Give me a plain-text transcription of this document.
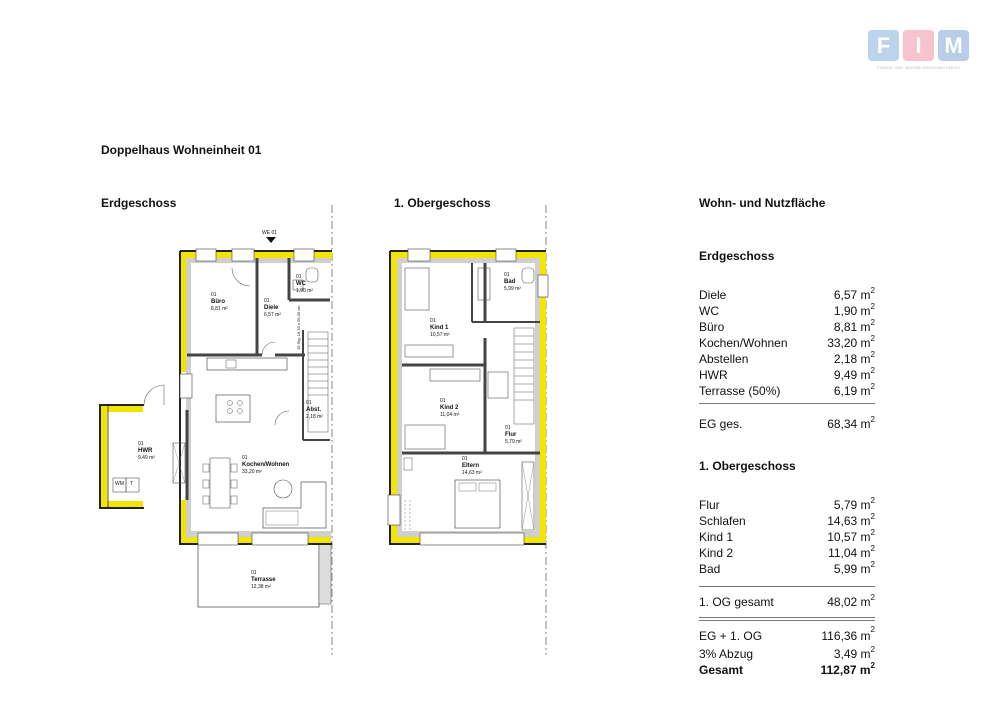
F	I	M
FINANZ UND IMMOBILIENMANAGEMENT
Doppelhaus Wohneinheit 01
Erdgeschoss	1. Obergeschoss
WE 01
01
Büro
8,81 m²
01
Diele
6,57 m²
01
WC
1,90 m²
01
Abst.
2,18 m²
01
HWR
9,49 m²	01
Kochen/Wohnen
33,20 m²
01
Terrasse
12,38 m²
15 Stg. 19,33 x 26,00 cm
WM T
01
Bad
5,99 m²
01
Kind 1
10,57 m²
01
Kind 2
11,04 m²
01
Flur
5,79 m²
01
Eltern
14,63 m²
Wohn- und Nutzfläche
Erdgeschoss
Diele	6,57 $m^2$
WC	1,90 $m^2$
Büro	8,81 $m^2$
Kochen/Wohnen	33,20 $m^2$
Abstellen	2,18 $m^2$
HWR	9,49 $m^2$
Terrasse (50%)	6,19 $m^2$
EG ges.	68,34 $m^2$
1. Obergeschoss
Flur	5,79 $m^2$
Schlafen	14,63 $m^2$
Kind 1	10,57 $m^2$
Kind 2	11,04 $m^2$
Bad	5,99 $m^2$
1. OG gesamt	48,02 $m^2$
EG + 1. OG	116,36 $m^2$
3% Abzug	3,49 $m^2$
Gesamt	112,87 $m^2$
